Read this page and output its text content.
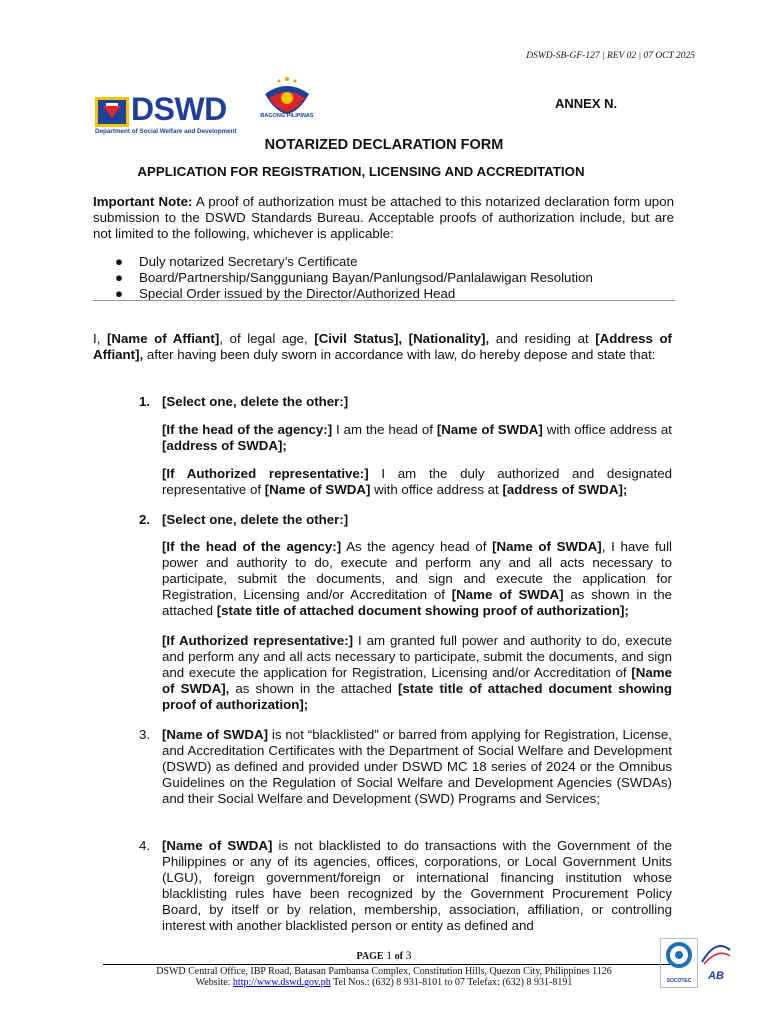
DSWD-SB-GF-127 | REV 02 | 07 OCT 2025
DSWD
Department of Social Welfare and Development
BAGONG PILIPINAS
ANNEX N.
NOTARIZED DECLARATION FORM
APPLICATION FOR REGISTRATION, LICENSING AND ACCREDITATION
Important Note: A proof of authorization must be attached to this notarized declaration form upon submission to the DSWD Standards Bureau. Acceptable proofs of authorization include, but are not limited to the following, whichever is applicable:
● Duly notarized Secretary’s Certificate
● Board/Partnership/Sangguniang Bayan/Panlungsod/Panlalawigan Resolution
● Special Order issued by the Director/Authorized Head
I, [Name of Affiant], of legal age, [Civil Status], [Nationality], and residing at [Address of Affiant], after having been duly sworn in accordance with law, do hereby depose and state that:
1. [Select one, delete the other:]
[If the head of the agency:] I am the head of [Name of SWDA] with office address at [address of SWDA];
[If Authorized representative:] I am the duly authorized and designated representative of [Name of SWDA] with office address at [address of SWDA];
2. [Select one, delete the other:]
[If the head of the agency:] As the agency head of [Name of SWDA], I have full power and authority to do, execute and perform any and all acts necessary to participate, submit the documents, and sign and execute the application for Registration, Licensing and/or Accreditation of [Name of SWDA] as shown in the attached [state title of attached document showing proof of authorization];
[If Authorized representative:] I am granted full power and authority to do, execute and perform any and all acts necessary to participate, submit the documents, and sign and execute the application for Registration, Licensing and/or Accreditation of [Name of SWDA], as shown in the attached [state title of attached document showing proof of authorization];
3. [Name of SWDA] is not “blacklisted” or barred from applying for Registration, License, and Accreditation Certificates with the Department of Social Welfare and Development (DSWD) as defined and provided under DSWD MC 18 series of 2024 or the Omnibus Guidelines on the Regulation of Social Welfare and Development Agencies (SWDAs) and their Social Welfare and Development (SWD) Programs and Services;
4. [Name of SWDA] is not blacklisted to do transactions with the Government of the Philippines or any of its agencies, offices, corporations, or Local Government Units (LGU), foreign government/foreign or international financing institution whose blacklisting rules have been recognized by the Government Procurement Policy Board, by itself or by relation, membership, association, affiliation, or controlling interest with another blacklisted person or entity as defined and
PAGE 1 of 3
DSWD Central Office, IBP Road, Batasan Pambansa Complex, Constitution Hills, Quezon City, Philippines 1126
Website: http://www.dswd.gov.ph Tel Nos.: (632) 8 931-8101 to 07 Telefax: (632) 8 931-8191	SOCOTEC	AB
